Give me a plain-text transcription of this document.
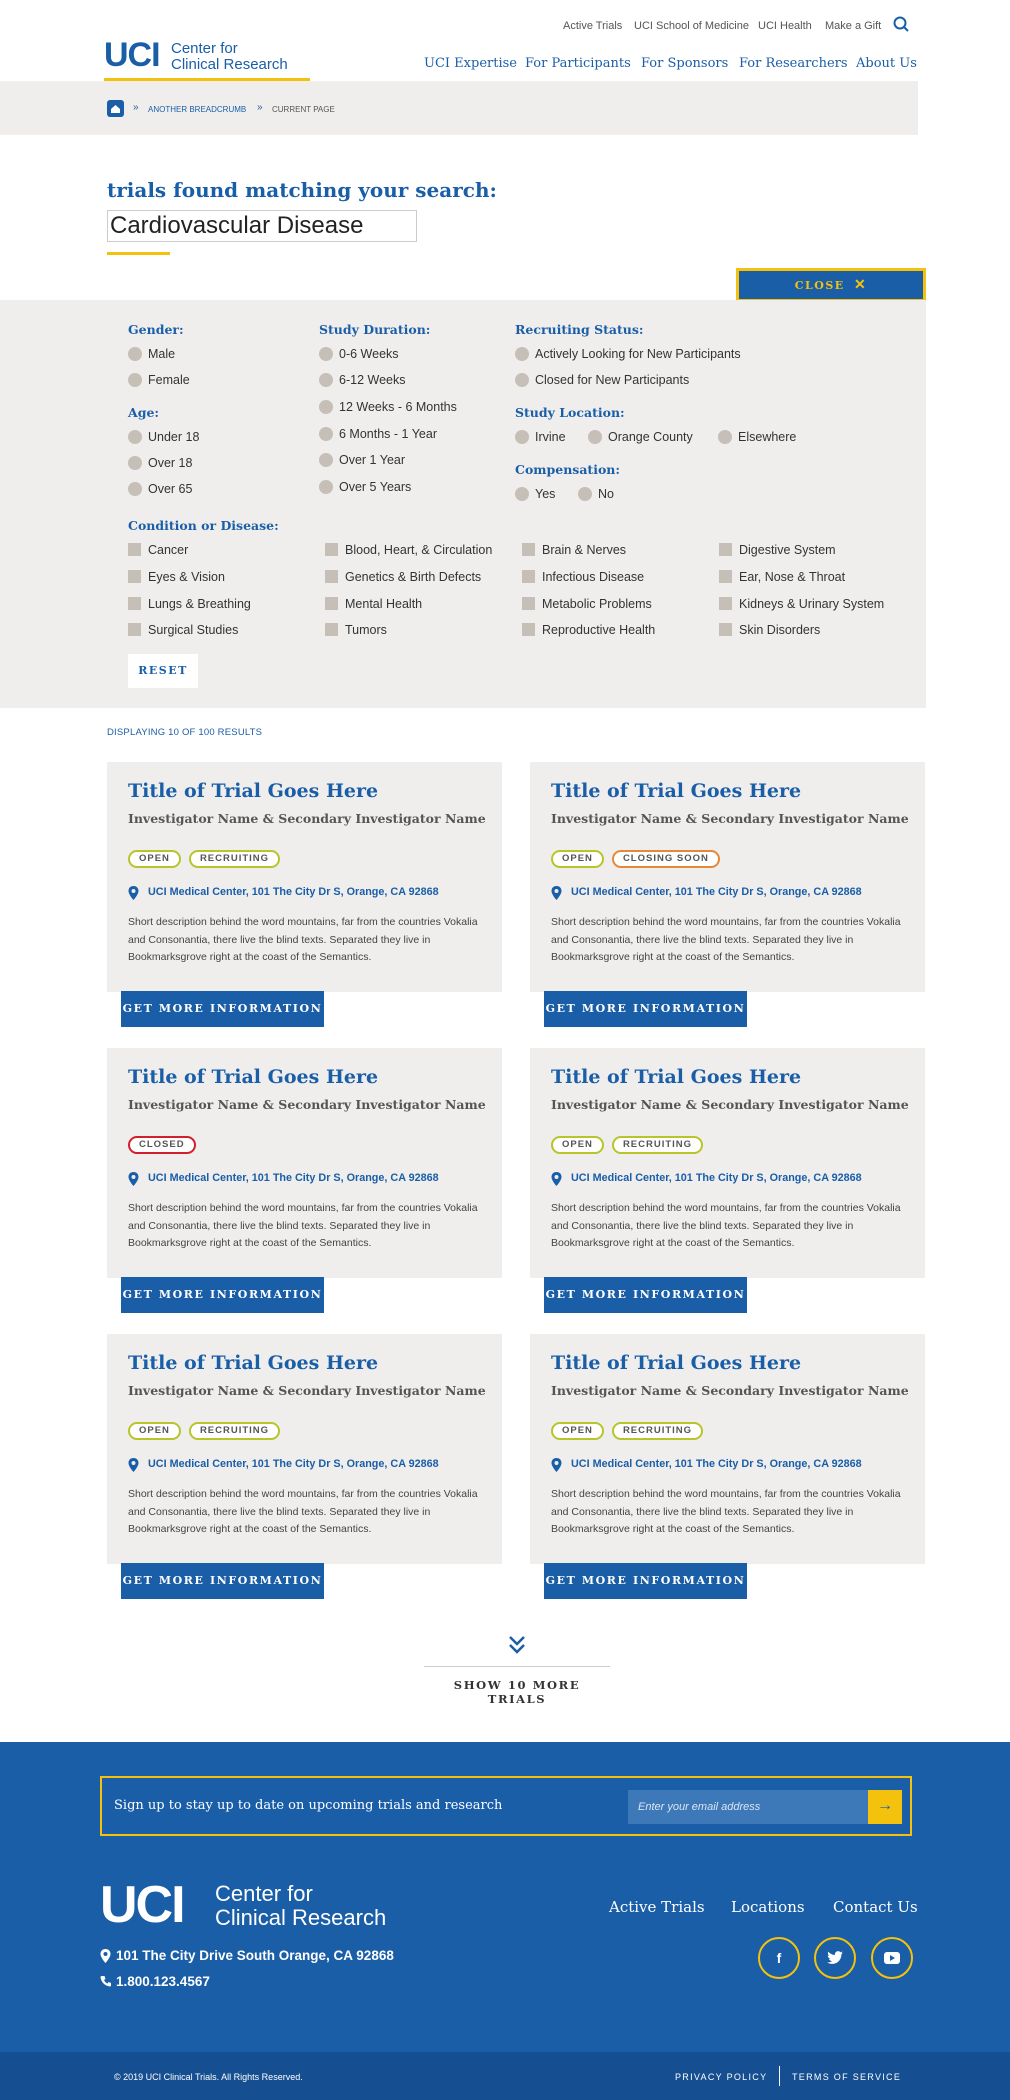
Active Trials UCI School of Medicine UCI Health Make a Gift
UCI Center for
Clinical Research	UCI Expertise For Participants For Sponsors For Researchers About Us
» ANOTHER BREADCRUMB » CURRENT PAGE
trials found matching your search:
Cardiovascular Disease
CLOSE ✕
Gender:
Male
Female
Age:
Under 18
Over 18
Over 65
Study Duration:
0-6 Weeks
6-12 Weeks
12 Weeks - 6 Months
6 Months - 1 Year
Over 1 Year
Over 5 Years
Recruiting Status:
Actively Looking for New Participants
Closed for New Participants
Study Location:
Irvine	Orange County	Elsewhere
Compensation:
Yes	No
Condition or Disease:
Cancer	Blood, Heart, & Circulation	Brain & Nerves	Digestive System
Eyes & Vision	Genetics & Birth Defects	Infectious Disease	Ear, Nose & Throat
Lungs & Breathing	Mental Health	Metabolic Problems	Kidneys & Urinary System
Surgical Studies	Tumors	Reproductive Health	Skin Disorders
RESET
DISPLAYING 10 OF 100 RESULTS
Title of Trial Goes Here
Investigator Name & Secondary Investigator Name
OPEN	RECRUITING
UCI Medical Center, 101 The City Dr S, Orange, CA 92868
Short description behind the word mountains, far from the countries Vokalia and Consonantia, there live the blind texts. Separated they live in Bookmarksgrove right at the coast of the Semantics.
GET MORE INFORMATION
Title of Trial Goes Here
Investigator Name & Secondary Investigator Name
OPEN	CLOSING SOON
UCI Medical Center, 101 The City Dr S, Orange, CA 92868
Short description behind the word mountains, far from the countries Vokalia and Consonantia, there live the blind texts. Separated they live in Bookmarksgrove right at the coast of the Semantics.
GET MORE INFORMATION
Title of Trial Goes Here
Investigator Name & Secondary Investigator Name
CLOSED
UCI Medical Center, 101 The City Dr S, Orange, CA 92868
Short description behind the word mountains, far from the countries Vokalia and Consonantia, there live the blind texts. Separated they live in Bookmarksgrove right at the coast of the Semantics.
GET MORE INFORMATION
Title of Trial Goes Here
Investigator Name & Secondary Investigator Name
OPEN	RECRUITING
UCI Medical Center, 101 The City Dr S, Orange, CA 92868
Short description behind the word mountains, far from the countries Vokalia and Consonantia, there live the blind texts. Separated they live in Bookmarksgrove right at the coast of the Semantics.
GET MORE INFORMATION
Title of Trial Goes Here
Investigator Name & Secondary Investigator Name
OPEN	RECRUITING
UCI Medical Center, 101 The City Dr S, Orange, CA 92868
Short description behind the word mountains, far from the countries Vokalia and Consonantia, there live the blind texts. Separated they live in Bookmarksgrove right at the coast of the Semantics.
GET MORE INFORMATION
Title of Trial Goes Here
Investigator Name & Secondary Investigator Name
OPEN	RECRUITING
UCI Medical Center, 101 The City Dr S, Orange, CA 92868
Short description behind the word mountains, far from the countries Vokalia and Consonantia, there live the blind texts. Separated they live in Bookmarksgrove right at the coast of the Semantics.
GET MORE INFORMATION
SHOW 10 MORE TRIALS
Sign up to stay up to date on upcoming trials and research	Enter your email address	→
UCI Center for
Clinical Research
101 The City Drive South Orange, CA 92868
1.800.123.4567
Active Trials Locations Contact Us
f
© 2019 UCI Clinical Trials. All Rights Reserved.	PRIVACY POLICY	TERMS OF SERVICE
